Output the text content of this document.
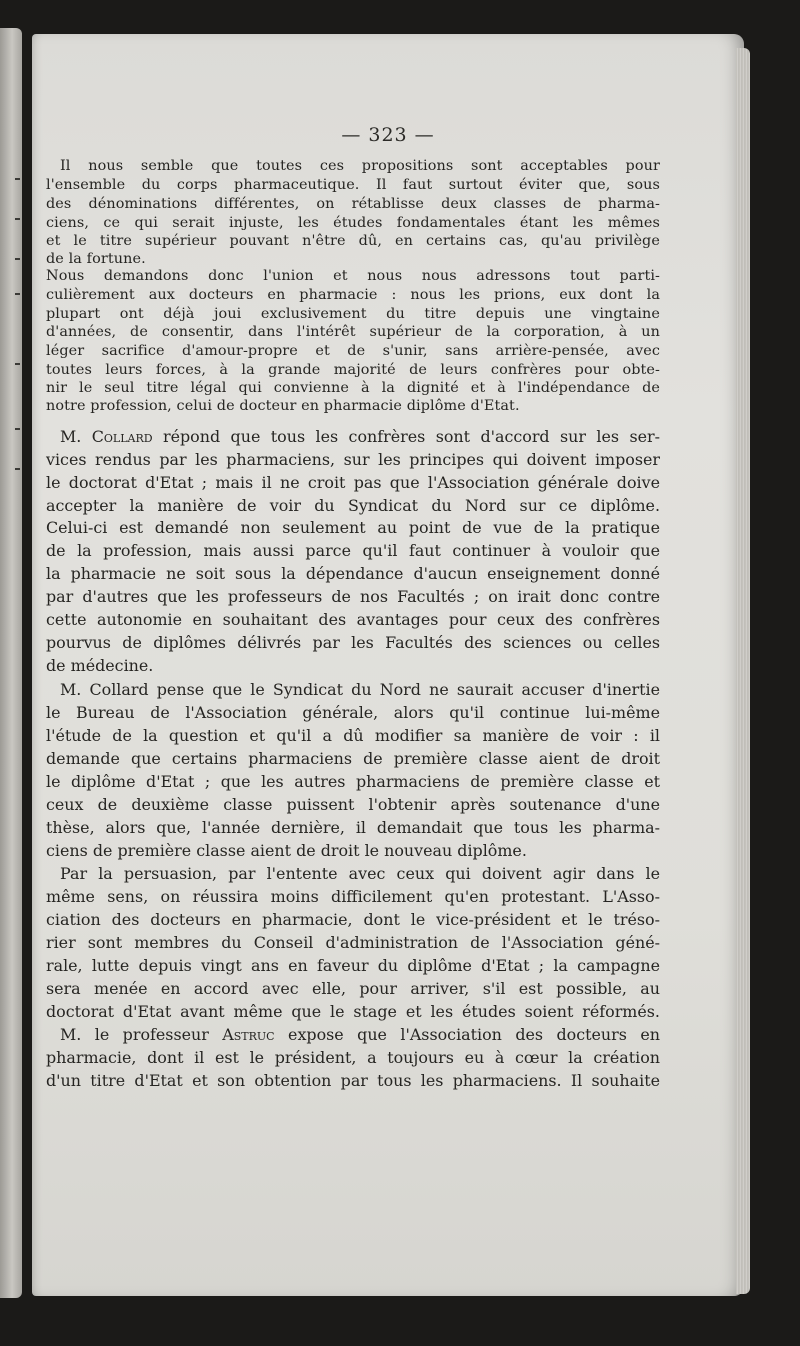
— 323 —
Il nous semble que toutes ces propositions sont acceptables pour
l'ensemble du corps pharmaceutique. Il faut surtout éviter que, sous
des dénominations différentes, on rétablisse deux classes de pharma-
ciens, ce qui serait injuste, les études fondamentales étant les mêmes
et le titre supérieur pouvant n'être dû, en certains cas, qu'au privilège
de la fortune.
Nous demandons donc l'union et nous nous adressons tout parti-
culièrement aux docteurs en pharmacie : nous les prions, eux dont la
plupart ont déjà joui exclusivement du titre depuis une vingtaine
d'années, de consentir, dans l'intérêt supérieur de la corporation, à un
léger sacrifice d'amour-propre et de s'unir, sans arrière-pensée, avec
toutes leurs forces, à la grande majorité de leurs confrères pour obte-
nir le seul titre légal qui convienne à la dignité et à l'indépendance de
notre profession, celui de docteur en pharmacie diplôme d'Etat.
M. Collard répond que tous les confrères sont d'accord sur les ser-
vices rendus par les pharmaciens, sur les principes qui doivent imposer
le doctorat d'Etat ; mais il ne croit pas que l'Association générale doive
accepter la manière de voir du Syndicat du Nord sur ce diplôme.
Celui-ci est demandé non seulement au point de vue de la pratique
de la profession, mais aussi parce qu'il faut continuer à vouloir que
la pharmacie ne soit sous la dépendance d'aucun enseignement donné
par d'autres que les professeurs de nos Facultés ; on irait donc contre
cette autonomie en souhaitant des avantages pour ceux des confrères
pourvus de diplômes délivrés par les Facultés des sciences ou celles
de médecine.
M. Collard pense que le Syndicat du Nord ne saurait accuser d'inertie
le Bureau de l'Association générale, alors qu'il continue lui-même
l'étude de la question et qu'il a dû modifier sa manière de voir : il
demande que certains pharmaciens de première classe aient de droit
le diplôme d'Etat ; que les autres pharmaciens de première classe et
ceux de deuxième classe puissent l'obtenir après soutenance d'une
thèse, alors que, l'année dernière, il demandait que tous les pharma-
ciens de première classe aient de droit le nouveau diplôme.
Par la persuasion, par l'entente avec ceux qui doivent agir dans le
même sens, on réussira moins difficilement qu'en protestant. L'Asso-
ciation des docteurs en pharmacie, dont le vice-président et le tréso-
rier sont membres du Conseil d'administration de l'Association géné-
rale, lutte depuis vingt ans en faveur du diplôme d'Etat ; la campagne
sera menée en accord avec elle, pour arriver, s'il est possible, au
doctorat d'Etat avant même que le stage et les études soient réformés.
M. le professeur Astruc expose que l'Association des docteurs en
pharmacie, dont il est le président, a toujours eu à cœur la création
d'un titre d'Etat et son obtention par tous les pharmaciens. Il souhaite
